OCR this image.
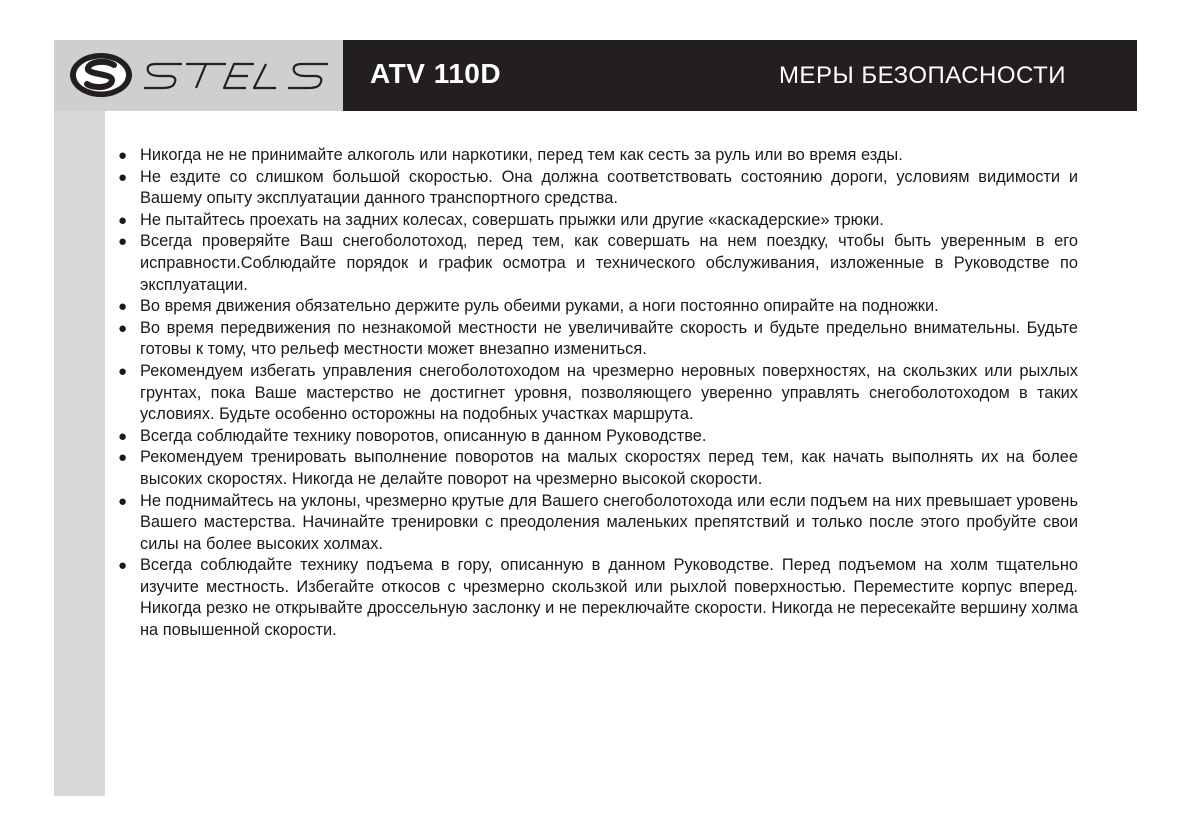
ATV 110D	МЕРЫ БЕЗОПАСНОСТИ
● Никогда не не принимайте алкоголь или наркотики, перед тем как сесть за руль или во время езды.
● Не ездите со слишком большой скоростью. Она должна соответствовать состоянию дороги, условиям видимости и Вашему опыту эксплуатации данного транспортного средства.
● Не пытайтесь проехать на задних колесах, совершать прыжки или другие «каскадерские» трюки.
● Всегда проверяйте Ваш снегоболотоход, перед тем, как совершать на нем поездку, чтобы быть уверенным в его исправности.Соблюдайте порядок и график осмотра и технического обслуживания, изложенные в Руководстве по эксплуатации.
● Во время движения обязательно держите руль обеими руками, а ноги постоянно опирайте на подножки.
● Во время передвижения по незнакомой местности не увеличивайте скорость и будьте предельно внимательны. Будьте готовы к тому, что рельеф местности может внезапно измениться.
● Рекомендуем избегать управления снегоболотоходом на чрезмерно неровных поверхностях, на скользких или рыхлых грунтах, пока Ваше мастерство не достигнет уровня, позволяющего уверенно управлять снегоболотоходом в таких условиях. Будьте особенно осторожны на подобных участках маршрута.
● Всегда соблюдайте технику поворотов, описанную в данном Руководстве.
● Рекомендуем тренировать выполнение поворотов на малых скоростях перед тем, как начать выполнять их на более высоких скоростях. Никогда не делайте поворот на чрезмерно высокой скорости.
● Не поднимайтесь на уклоны, чрезмерно крутые для Вашего снегоболотохода или если подъем на них превышает уровень Вашего мастерства. Начинайте тренировки с преодоления маленьких препятствий и только после этого пробуйте свои силы на более высоких холмах.
● Всегда соблюдайте технику подъема в гору, описанную в данном Руководстве. Перед подъемом на холм тщательно изучите местность. Избегайте откосов с чрезмерно скользкой или рыхлой поверхностью. Переместите корпус вперед. Никогда резко не открывайте дроссельную заслонку и не переключайте скорости. Никогда не пересекайте вершину холма на повышенной скорости.
